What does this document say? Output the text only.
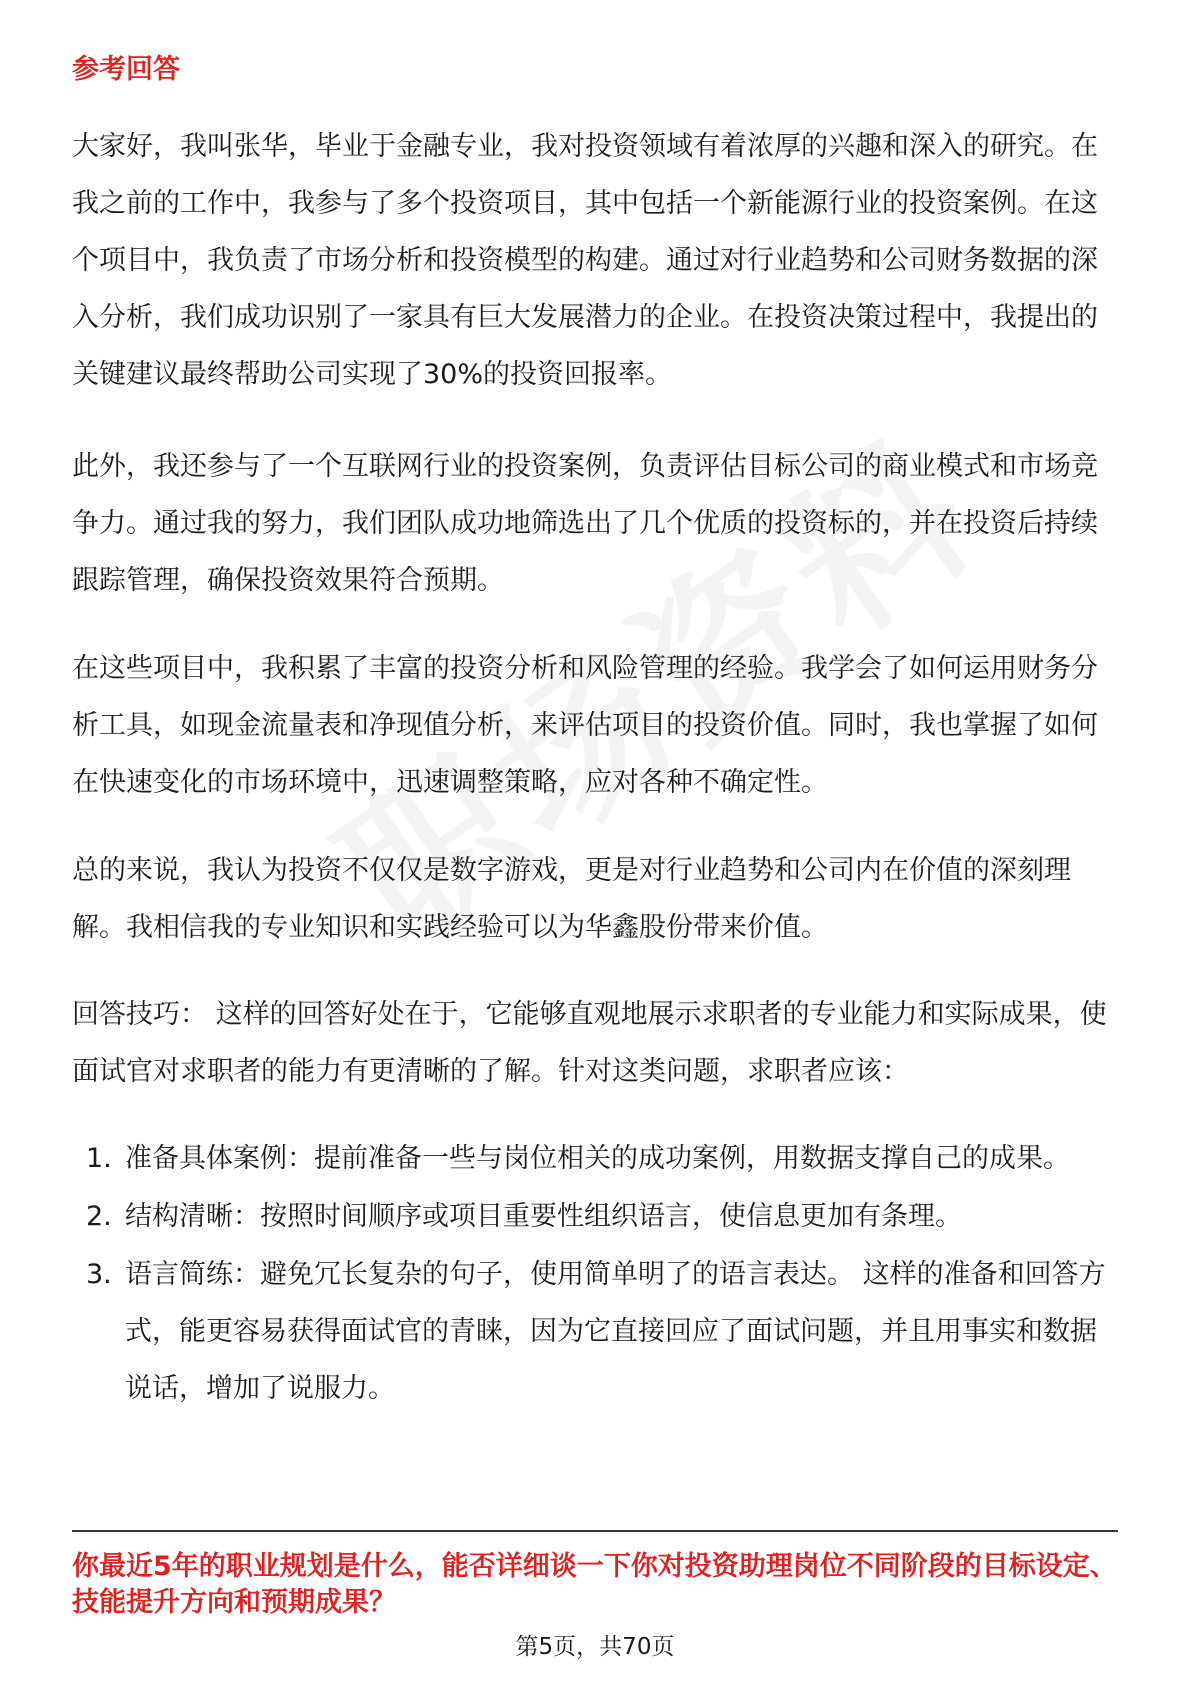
参考回答

大家好，我叫张华，毕业于金融专业，我对投资领域有着浓厚的兴趣和深入的研究。在我之前的工作中，我参与了多个投资项目，其中包括一个新能源行业的投资案例。在这个项目中，我负责了市场分析和投资模型的构建。通过对行业趋势和公司财务数据的深入分析，我们成功识别了一家具有巨大发展潜力的企业。在投资决策过程中，我提出的关键建议最终帮助公司实现了30%的投资回报率。

此外，我还参与了一个互联网行业的投资案例，负责评估目标公司的商业模式和市场竞争力。通过我的努力，我们团队成功地筛选出了几个优质的投资标的，并在投资后持续跟踪管理，确保投资效果符合预期。

在这些项目中，我积累了丰富的投资分析和风险管理的经验。我学会了如何运用财务分析工具，如现金流量表和净现值分析，来评估项目的投资价值。同时，我也掌握了如何在快速变化的市场环境中，迅速调整策略，应对各种不确定性。

总的来说，我认为投资不仅仅是数字游戏，更是对行业趋势和公司内在价值的深刻理解。我相信我的专业知识和实践经验可以为华鑫股份带来价值。

回答技巧： 这样的回答好处在于，它能够直观地展示求职者的专业能力和实际成果，使面试官对求职者的能力有更清晰的了解。针对这类问题，求职者应该：

1. 准备具体案例：提前准备一些与岗位相关的成功案例，用数据支撑自己的成果。
2. 结构清晰：按照时间顺序或项目重要性组织语言，使信息更加有条理。
3. 语言简练：避免冗长复杂的句子，使用简单明了的语言表达。 这样的准备和回答方式，能更容易获得面试官的青睐，因为它直接回应了面试问题，并且用事实和数据说话，增加了说服力。
你最近5年的职业规划是什么，能否详细谈一下你对投资助理岗位不同阶段的目标设定、技能提升方向和预期成果？
第5页，共70页
